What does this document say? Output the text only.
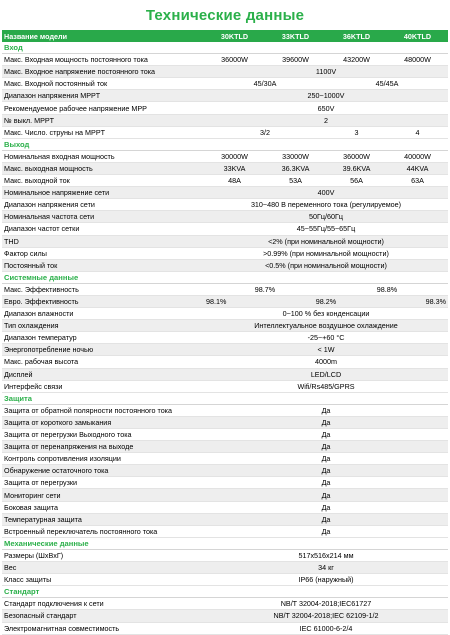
Технические данные
Название модели	30KTLD	33KTLD	36KTLD	40KTLD
Вход				
Макс. Входная мощность постоянного тока	36000W	39600W	43200W	48000W
Макс. Входное напряжение постоянного тока	1100V			
Макс. Входной постоянный ток	45/30A		45/45A	
Диапазон напряжения MPPT	250~1000V			
Рекомендуемое рабочее напряжение MPP	650V			
№ выкл. MPPT	2			
Макс. Число. струны на MPPT	3/2		3	4
Выход				
Номинальная входная мощность	30000W	33000W	36000W	40000W
Макс. выходная мощность	33KVA	36.3KVA	39.6KVA	44KVA
Макс. выходной ток	48A	53A	56A	63A
Номинальное напряжение сети	400V			
Диапазон напряжения сети	310~480 В переменного тока (регулируемое)			
Номинальная частота сети	50Гц/60Гц			
Диапазон частот сетки	45~55Гц/55~65Гц			
THD	<2% (при номинальной мощности)			
Фактор силы	>0.99% (при номинальной мощности)			
Постоянный ток	<0.5% (при номинальной мощности)			
Системные данные				
Макс. Эффективность	98.7%		98.8%	
Евро. Эффективность	98.1%	98.2%		98.3%
Диапазон влажности	0~100 % без конденсации			
Тип охлаждения	Интеллектуальное воздушное охлаждение			
Диапазон температур	-25~+60 °C			
Энергопотребление ночью	< 1W			
Макс. рабочая высота	4000m			
Дисплей	LED/LCD			
Интерфейс связи	Wifi/Rs485/GPRS			
Защита				
Защита от обратной полярности постоянного тока	Да			
Защита от короткого замыкания	Да			
Защита от перегрузки Выходного тока	Да			
Защита от перенапряжения на выходе	Да			
Контроль сопротивления изоляции	Да			
Обнаружение остаточного тока	Да			
Защита от перегрузки	Да			
Мониторинг сети	Да			
Боковая защита	Да			
Температурная защита	Да			
Встроенный переключатель постоянного тока	Да			
Механические данные				
Размеры (ШxВxГ)	517x516x214 мм			
Вес	34 кг			
Класс защиты	IP66 (наружный)			
Стандарт				
Стандарт подключения к сети	NB/T 32004-2018;IEC61727			
Безопасный стандарт	NB/T 32004-2018;IEC 62109-1/2			
Электромагнитная совместимость	IEC 61000-6-2/4			
